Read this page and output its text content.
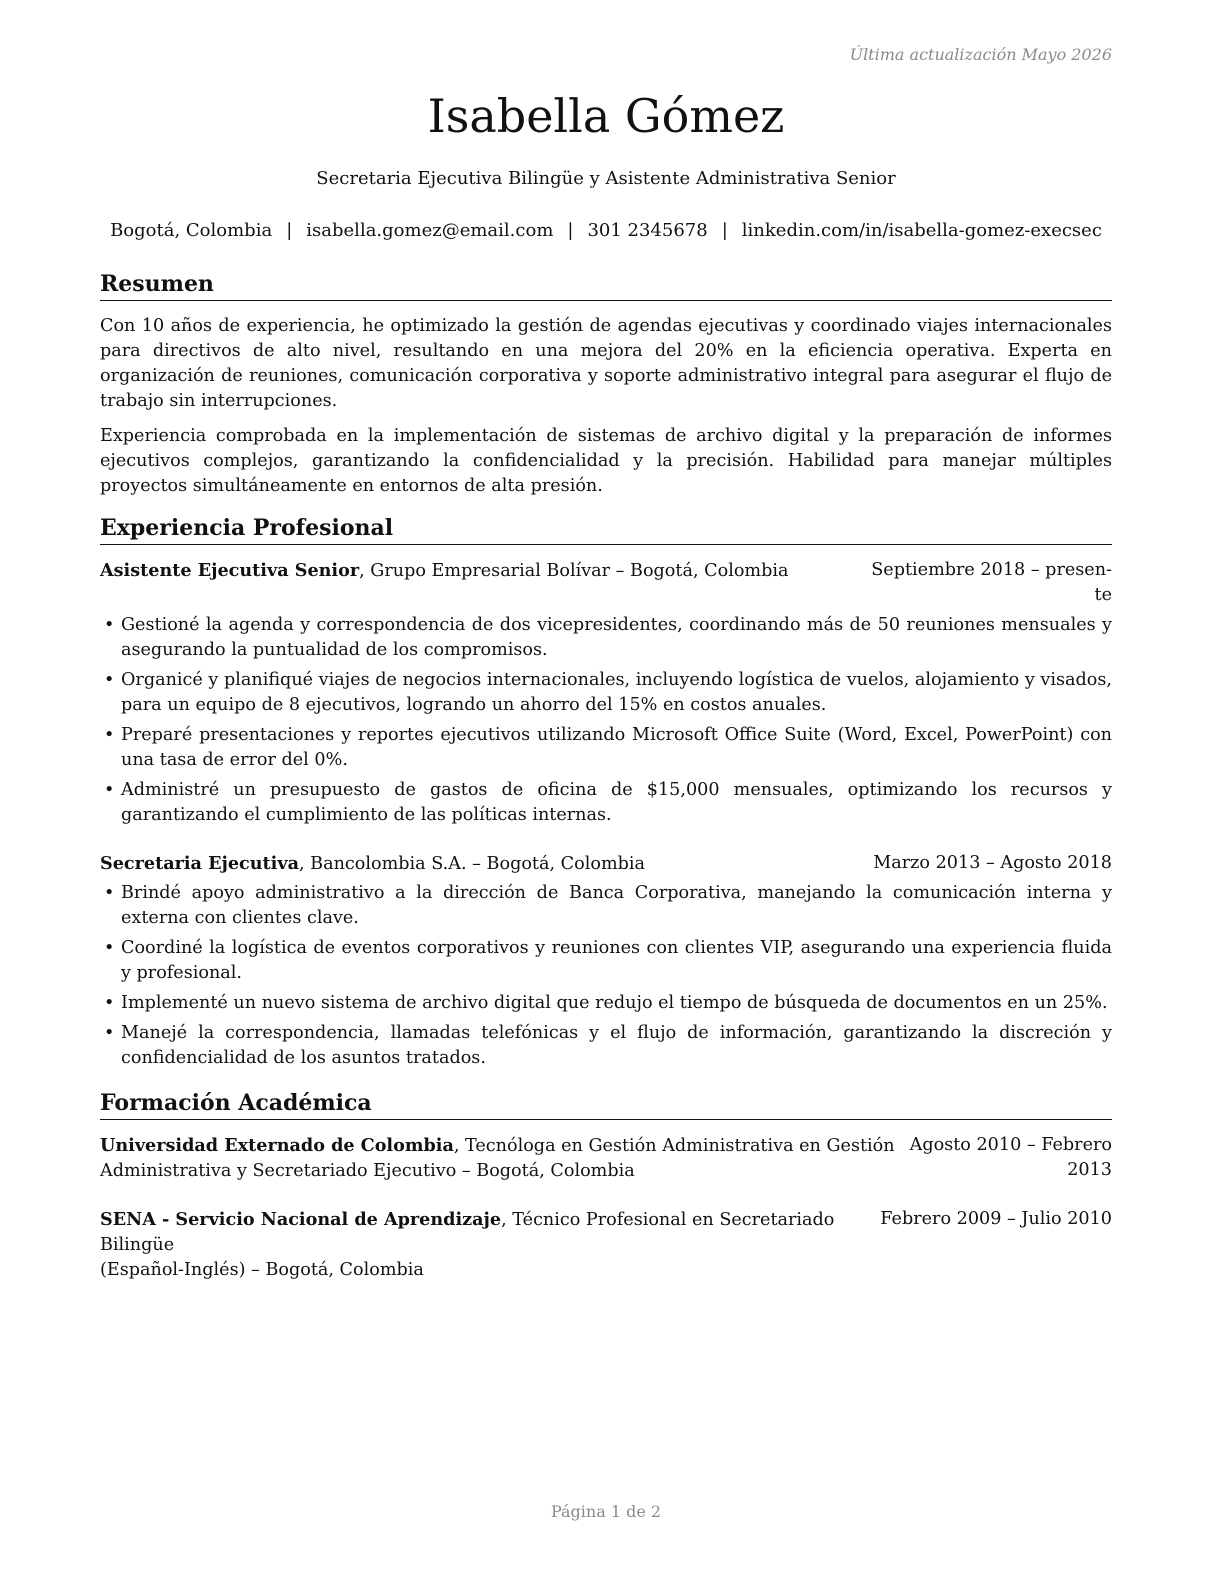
Última actualización Mayo 2026
Isabella Gómez
Secretaria Ejecutiva Bilingüe y Asistente Administrativa Senior
Bogotá, Colombia | isabella.gomez@email.com | 301 2345678 | linkedin.com/in/isabella-gomez-execsec
Resumen
Con 10 años de experiencia, he optimizado la gestión de agendas ejecutivas y coordinado viajes internacionales para directivos de alto nivel, resultando en una mejora del 20% en la eficiencia operativa. Experta en organización de reuniones, comunicación corporativa y soporte administrativo integral para asegurar el flujo de trabajo sin interrupciones.
Experiencia comprobada en la implementación de sistemas de archivo digital y la preparación de informes ejecutivos complejos, garantizando la confidencialidad y la precisión. Habilidad para manejar múltiples proyectos simultáneamente en entornos de alta presión.
Experiencia Profesional
Asistente Ejecutiva Senior, Grupo Empresarial Bolívar – Bogotá, Colombia	Septiembre 2018 – presen-
te
• Gestioné la agenda y correspondencia de dos vicepresidentes, coordinando más de 50 reuniones mensuales y asegurando la puntualidad de los compromisos.
• Organicé y planifiqué viajes de negocios internacionales, incluyendo logística de vuelos, alojamiento y visados, para un equipo de 8 ejecutivos, logrando un ahorro del 15% en costos anuales.
• Preparé presentaciones y reportes ejecutivos utilizando Microsoft Office Suite (Word, Excel, PowerPoint) con una tasa de error del 0%.
• Administré un presupuesto de gastos de oficina de $15,000 mensuales, optimizando los recursos y garantizando el cumplimiento de las políticas internas.
Secretaria Ejecutiva, Bancolombia S.A. – Bogotá, Colombia	Marzo 2013 – Agosto 2018
• Brindé apoyo administrativo a la dirección de Banca Corporativa, manejando la comunicación interna y externa con clientes clave.
• Coordiné la logística de eventos corporativos y reuniones con clientes VIP, asegurando una experiencia fluida y profesional.
• Implementé un nuevo sistema de archivo digital que redujo el tiempo de búsqueda de documentos en un 25%.
• Manejé la correspondencia, llamadas telefónicas y el flujo de información, garantizando la discreción y confidencialidad de los asuntos tratados.
Formación Académica
Universidad Externado de Colombia, Tecnóloga en Gestión Administrativa en Gestión
Administrativa y Secretariado Ejecutivo – Bogotá, Colombia
Agosto 2010 – Febrero
2013
SENA - Servicio Nacional de Aprendizaje, Técnico Profesional en Secretariado Bilingüe
(Español-Inglés) – Bogotá, Colombia
Febrero 2009 – Julio 2010
Página 1 de 2
